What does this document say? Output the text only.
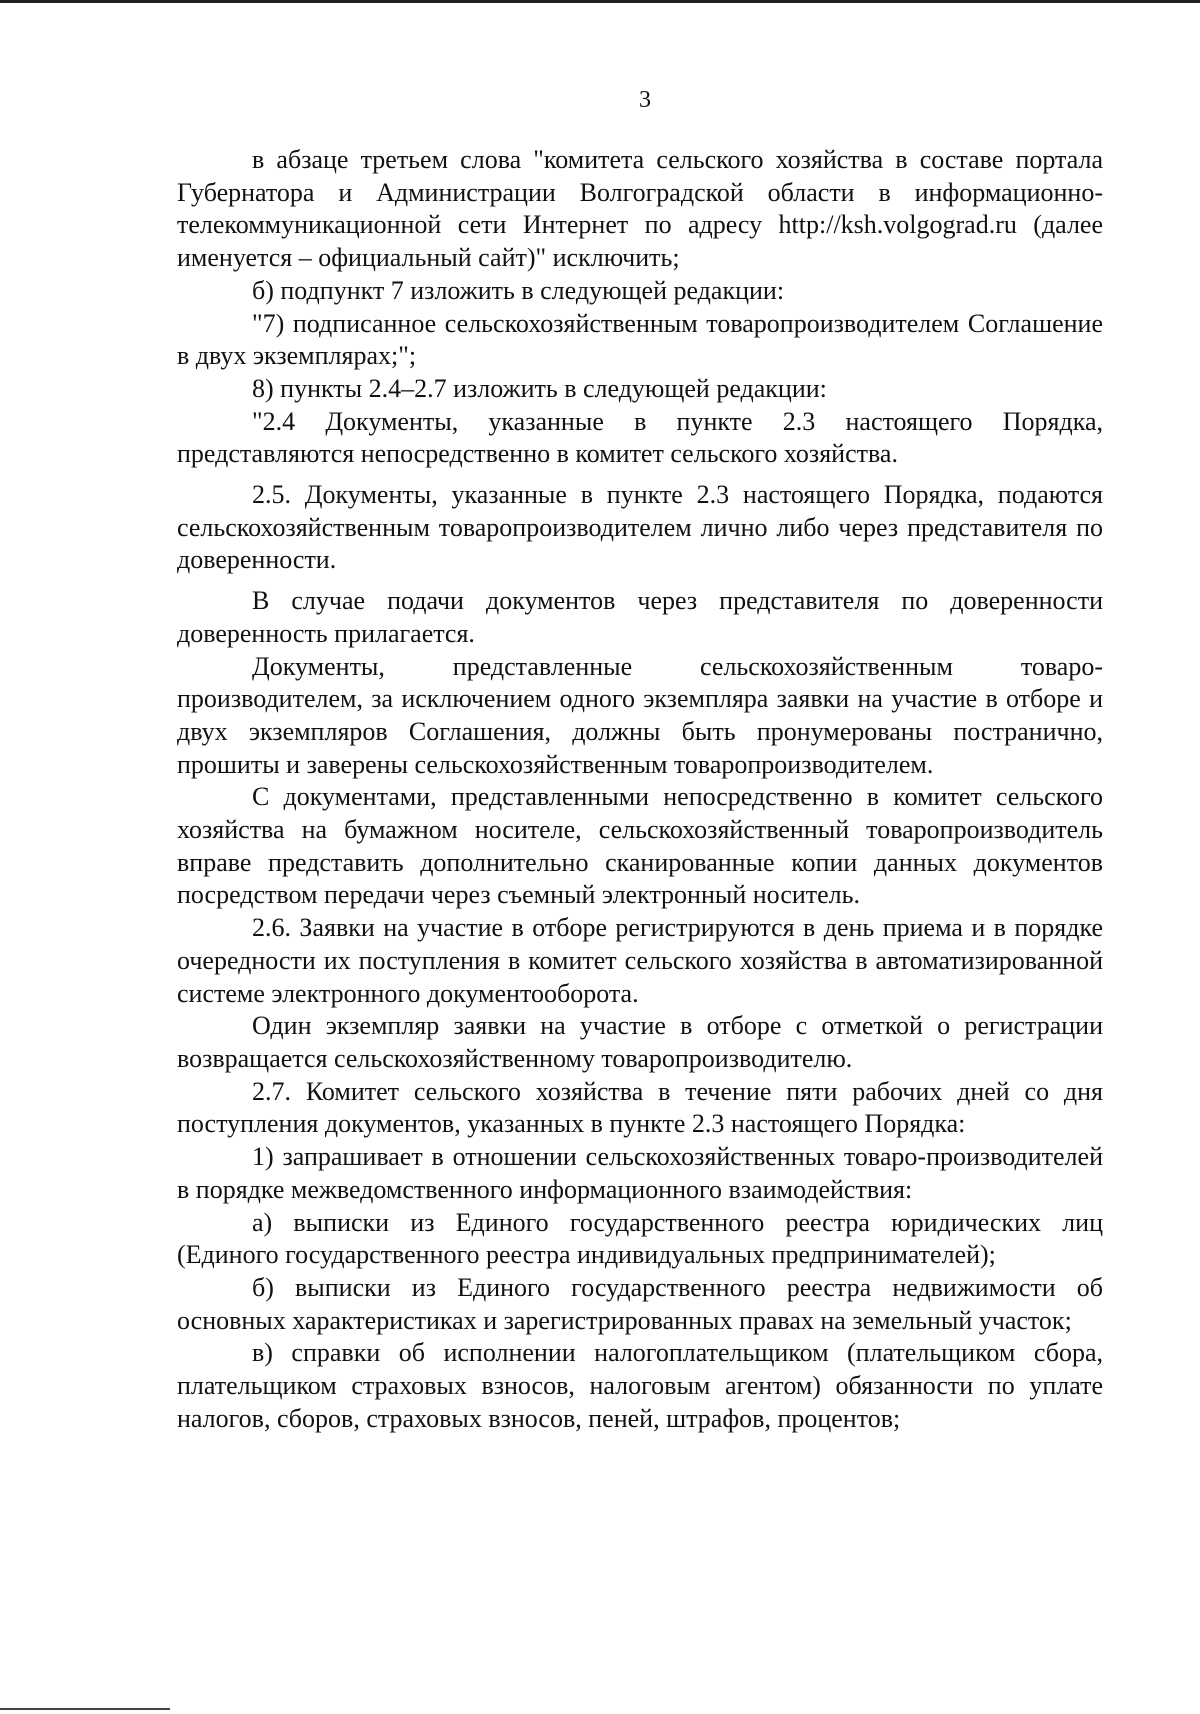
3

в абзаце третьем слова "комитета сельского хозяйства в составе портала Губернатора и Администрации Волгоградской области в информационно-телекоммуникационной сети Интернет по адресу http://ksh.volgograd.ru (далее именуется – официальный сайт)" исключить;

б) подпункт 7 изложить в следующей редакции:

"7) подписанное сельскохозяйственным товаропроизводителем Соглашение в двух экземплярах;";

8) пункты 2.4–2.7 изложить в следующей редакции:

"2.4 Документы, указанные в пункте 2.3 настоящего Порядка, представляются непосредственно в комитет сельского хозяйства.

2.5. Документы, указанные в пункте 2.3 настоящего Порядка, подаются сельскохозяйственным товаропроизводителем лично либо через представителя по доверенности.

В случае подачи документов через представителя по доверенности доверенность прилагается.

Документы, представленные сельскохозяйственным товаро-производителем, за исключением одного экземпляра заявки на участие в отборе и двух экземпляров Соглашения, должны быть пронумерованы постранично, прошиты и заверены сельскохозяйственным товаропроизводителем.

С документами, представленными непосредственно в комитет сельского хозяйства на бумажном носителе, сельскохозяйственный товаропроизводитель вправе представить дополнительно сканированные копии данных документов посредством передачи через съемный электронный носитель.

2.6. Заявки на участие в отборе регистрируются в день приема и в порядке очередности их поступления в комитет сельского хозяйства в автоматизированной системе электронного документооборота.

Один экземпляр заявки на участие в отборе с отметкой о регистрации возвращается сельскохозяйственному товаропроизводителю.

2.7. Комитет сельского хозяйства в течение пяти рабочих дней со дня поступления документов, указанных в пункте 2.3 настоящего Порядка:

1) запрашивает в отношении сельскохозяйственных товаро-производителей в порядке межведомственного информационного взаимодействия:

а) выписки из Единого государственного реестра юридических лиц (Единого государственного реестра индивидуальных предпринимателей);

б) выписки из Единого государственного реестра недвижимости об основных характеристиках и зарегистрированных правах на земельный участок;

в) справки об исполнении налогоплательщиком (плательщиком сбора, плательщиком страховых взносов, налоговым агентом) обязанности по уплате налогов, сборов, страховых взносов, пеней, штрафов, процентов;
